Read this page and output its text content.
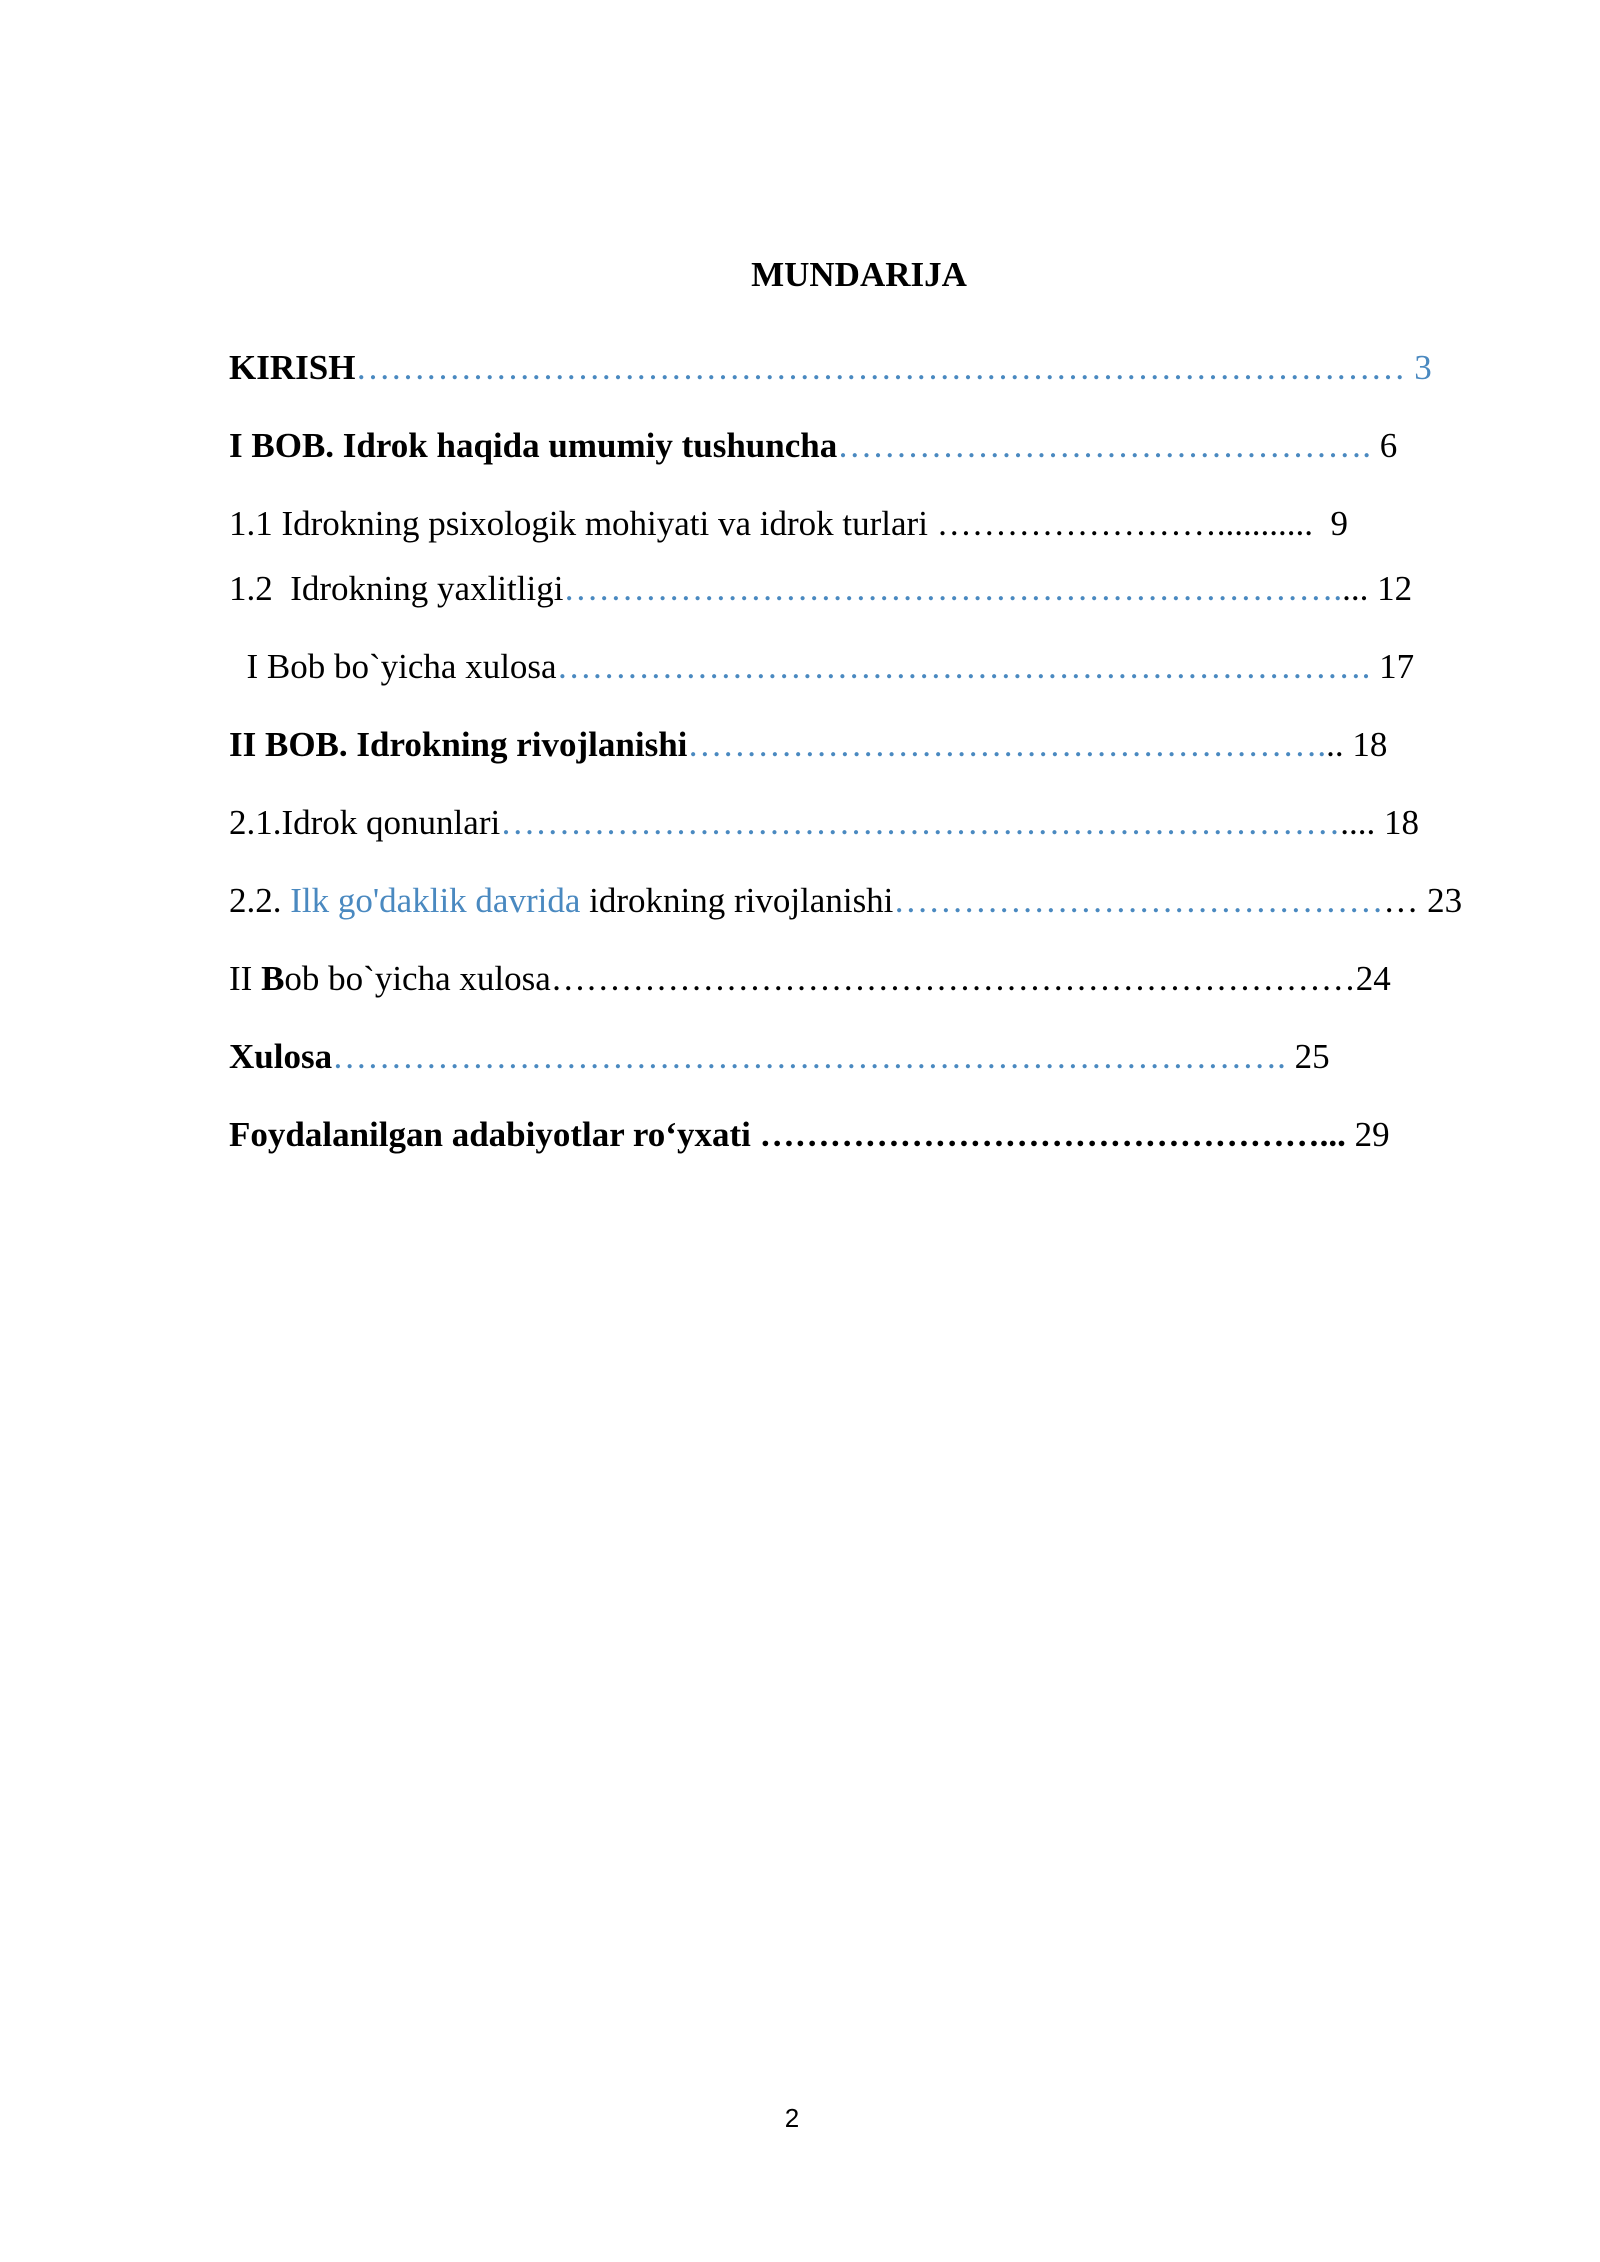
MUNDARIJA
KIRISH……………………………………………………………………………… 3
I BOB. Idrok haqida umumiy tushuncha………………………………………. 6
1.1 Idrokning psixologik mohiyati va idrok turlari ……………………...........  9
1.2  Idrokning yaxlitligi………………………………………………………….... 12
I Bob bo`yicha xulosa……………………………………………………………. 17
II BOB. Idrokning rivojlanishi………………………………………………... 18
2.1.Idrok qonunlari……………………………………………………………….... 18
2.2. Ilk go'daklik davrida idrokning rivojlanishi……………………………………… 23
II Bob bo`yicha xulosa……………………………………………………………24
Xulosa………………………………………………………………………. 25
Foydalanilgan adabiyotlar ro‘yxati …………………………………………... 29
2
